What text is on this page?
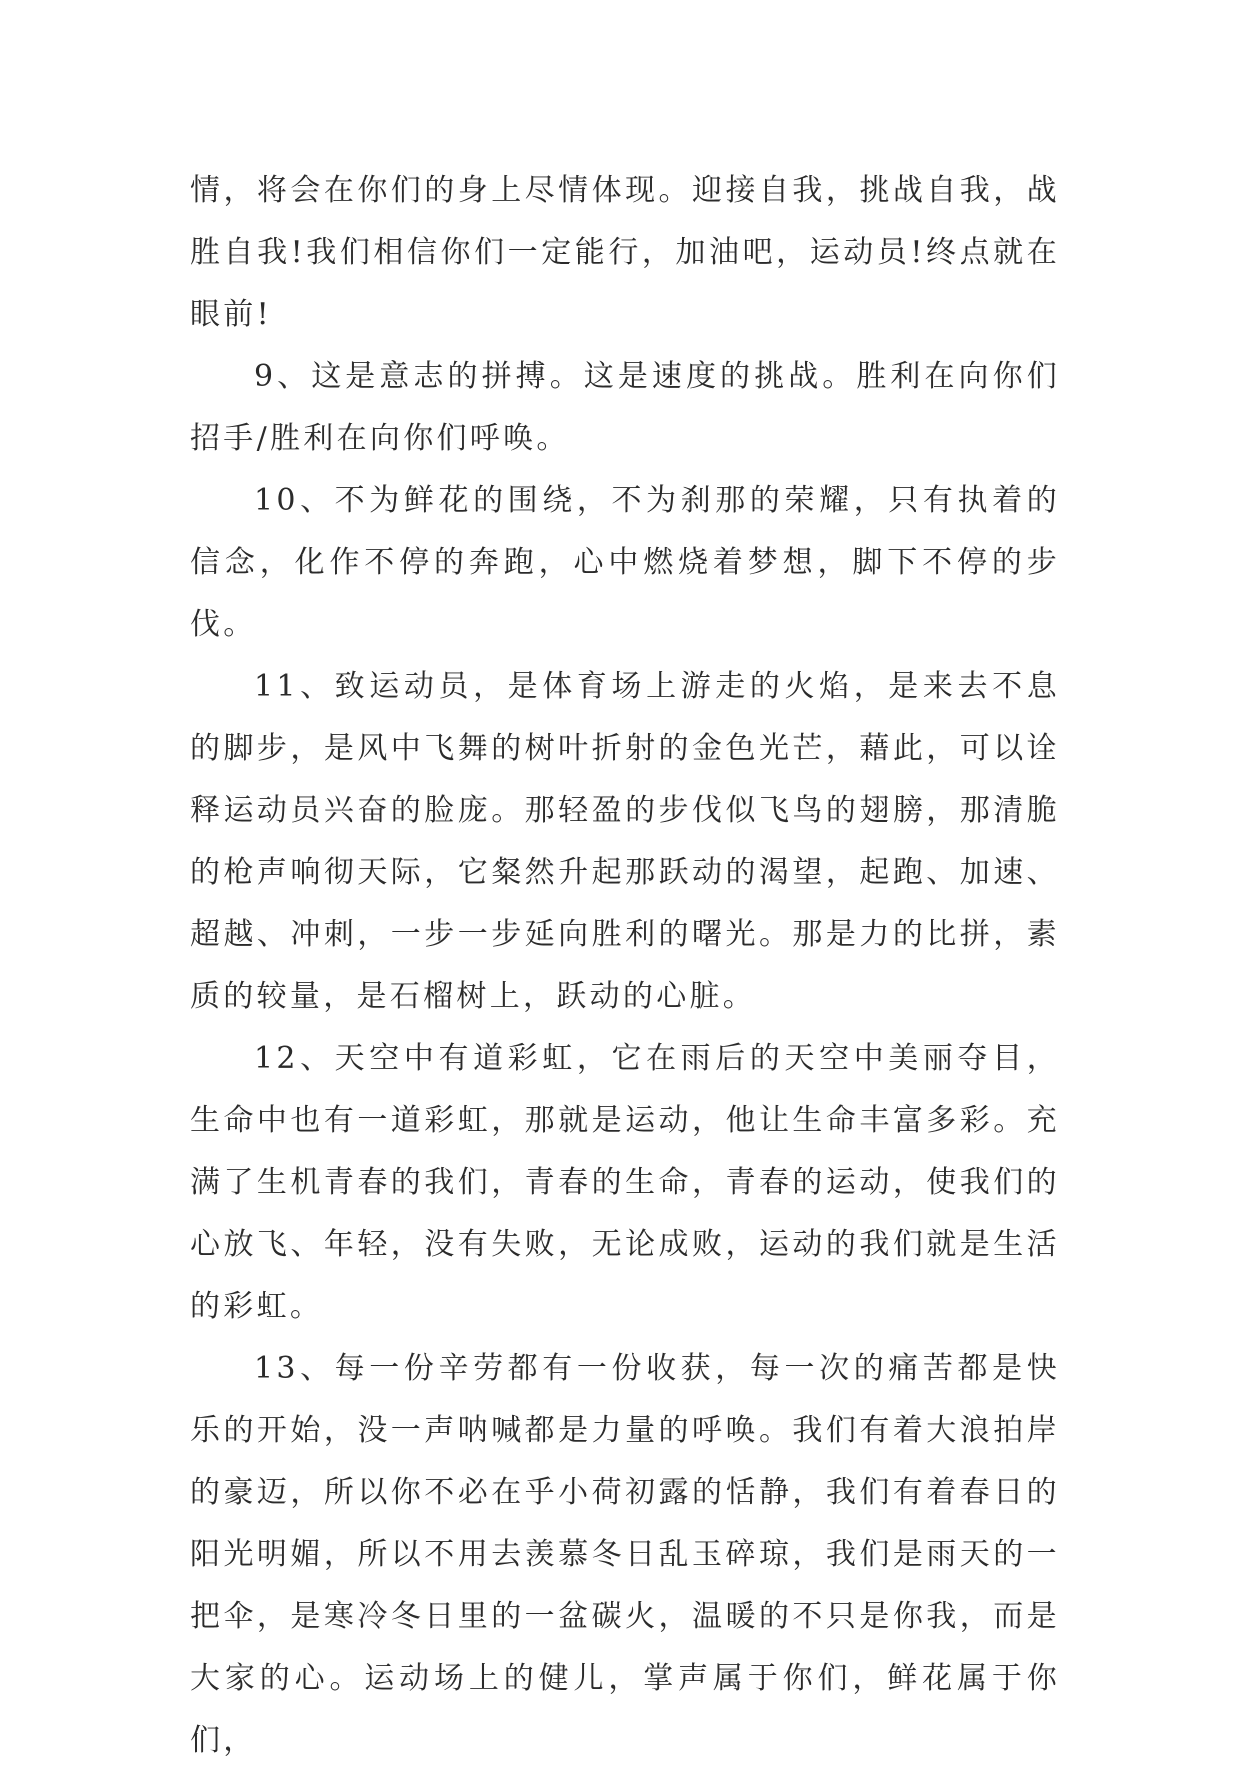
情，将会在你们的身上尽情体现。迎接自我，挑战自我，战胜自我!我们相信你们一定能行，加油吧，运动员!终点就在眼前!

9、这是意志的拼搏。这是速度的挑战。胜利在向你们招手/胜利在向你们呼唤。

10、不为鲜花的围绕，不为刹那的荣耀，只有执着的信念，化作不停的奔跑，心中燃烧着梦想，脚下不停的步伐。

11、致运动员，是体育场上游走的火焰，是来去不息的脚步，是风中飞舞的树叶折射的金色光芒，藉此，可以诠释运动员兴奋的脸庞。那轻盈的步伐似飞鸟的翅膀，那清脆的枪声响彻天际，它粲然升起那跃动的渴望，起跑、加速、超越、冲刺，一步一步延向胜利的曙光。那是力的比拼，素质的较量，是石榴树上，跃动的心脏。

12、天空中有道彩虹，它在雨后的天空中美丽夺目，生命中也有一道彩虹，那就是运动，他让生命丰富多彩。充满了生机青春的我们，青春的生命，青春的运动，使我们的心放飞、年轻，没有失败，无论成败，运动的我们就是生活的彩虹。

13、每一份辛劳都有一份收获，每一次的痛苦都是快乐的开始，没一声呐喊都是力量的呼唤。我们有着大浪拍岸的豪迈，所以你不必在乎小荷初露的恬静，我们有着春日的阳光明媚，所以不用去羡慕冬日乱玉碎琼，我们是雨天的一把伞，是寒冷冬日里的一盆碳火，温暖的不只是你我，而是大家的心。运动场上的健儿，掌声属于你们，鲜花属于你们，
